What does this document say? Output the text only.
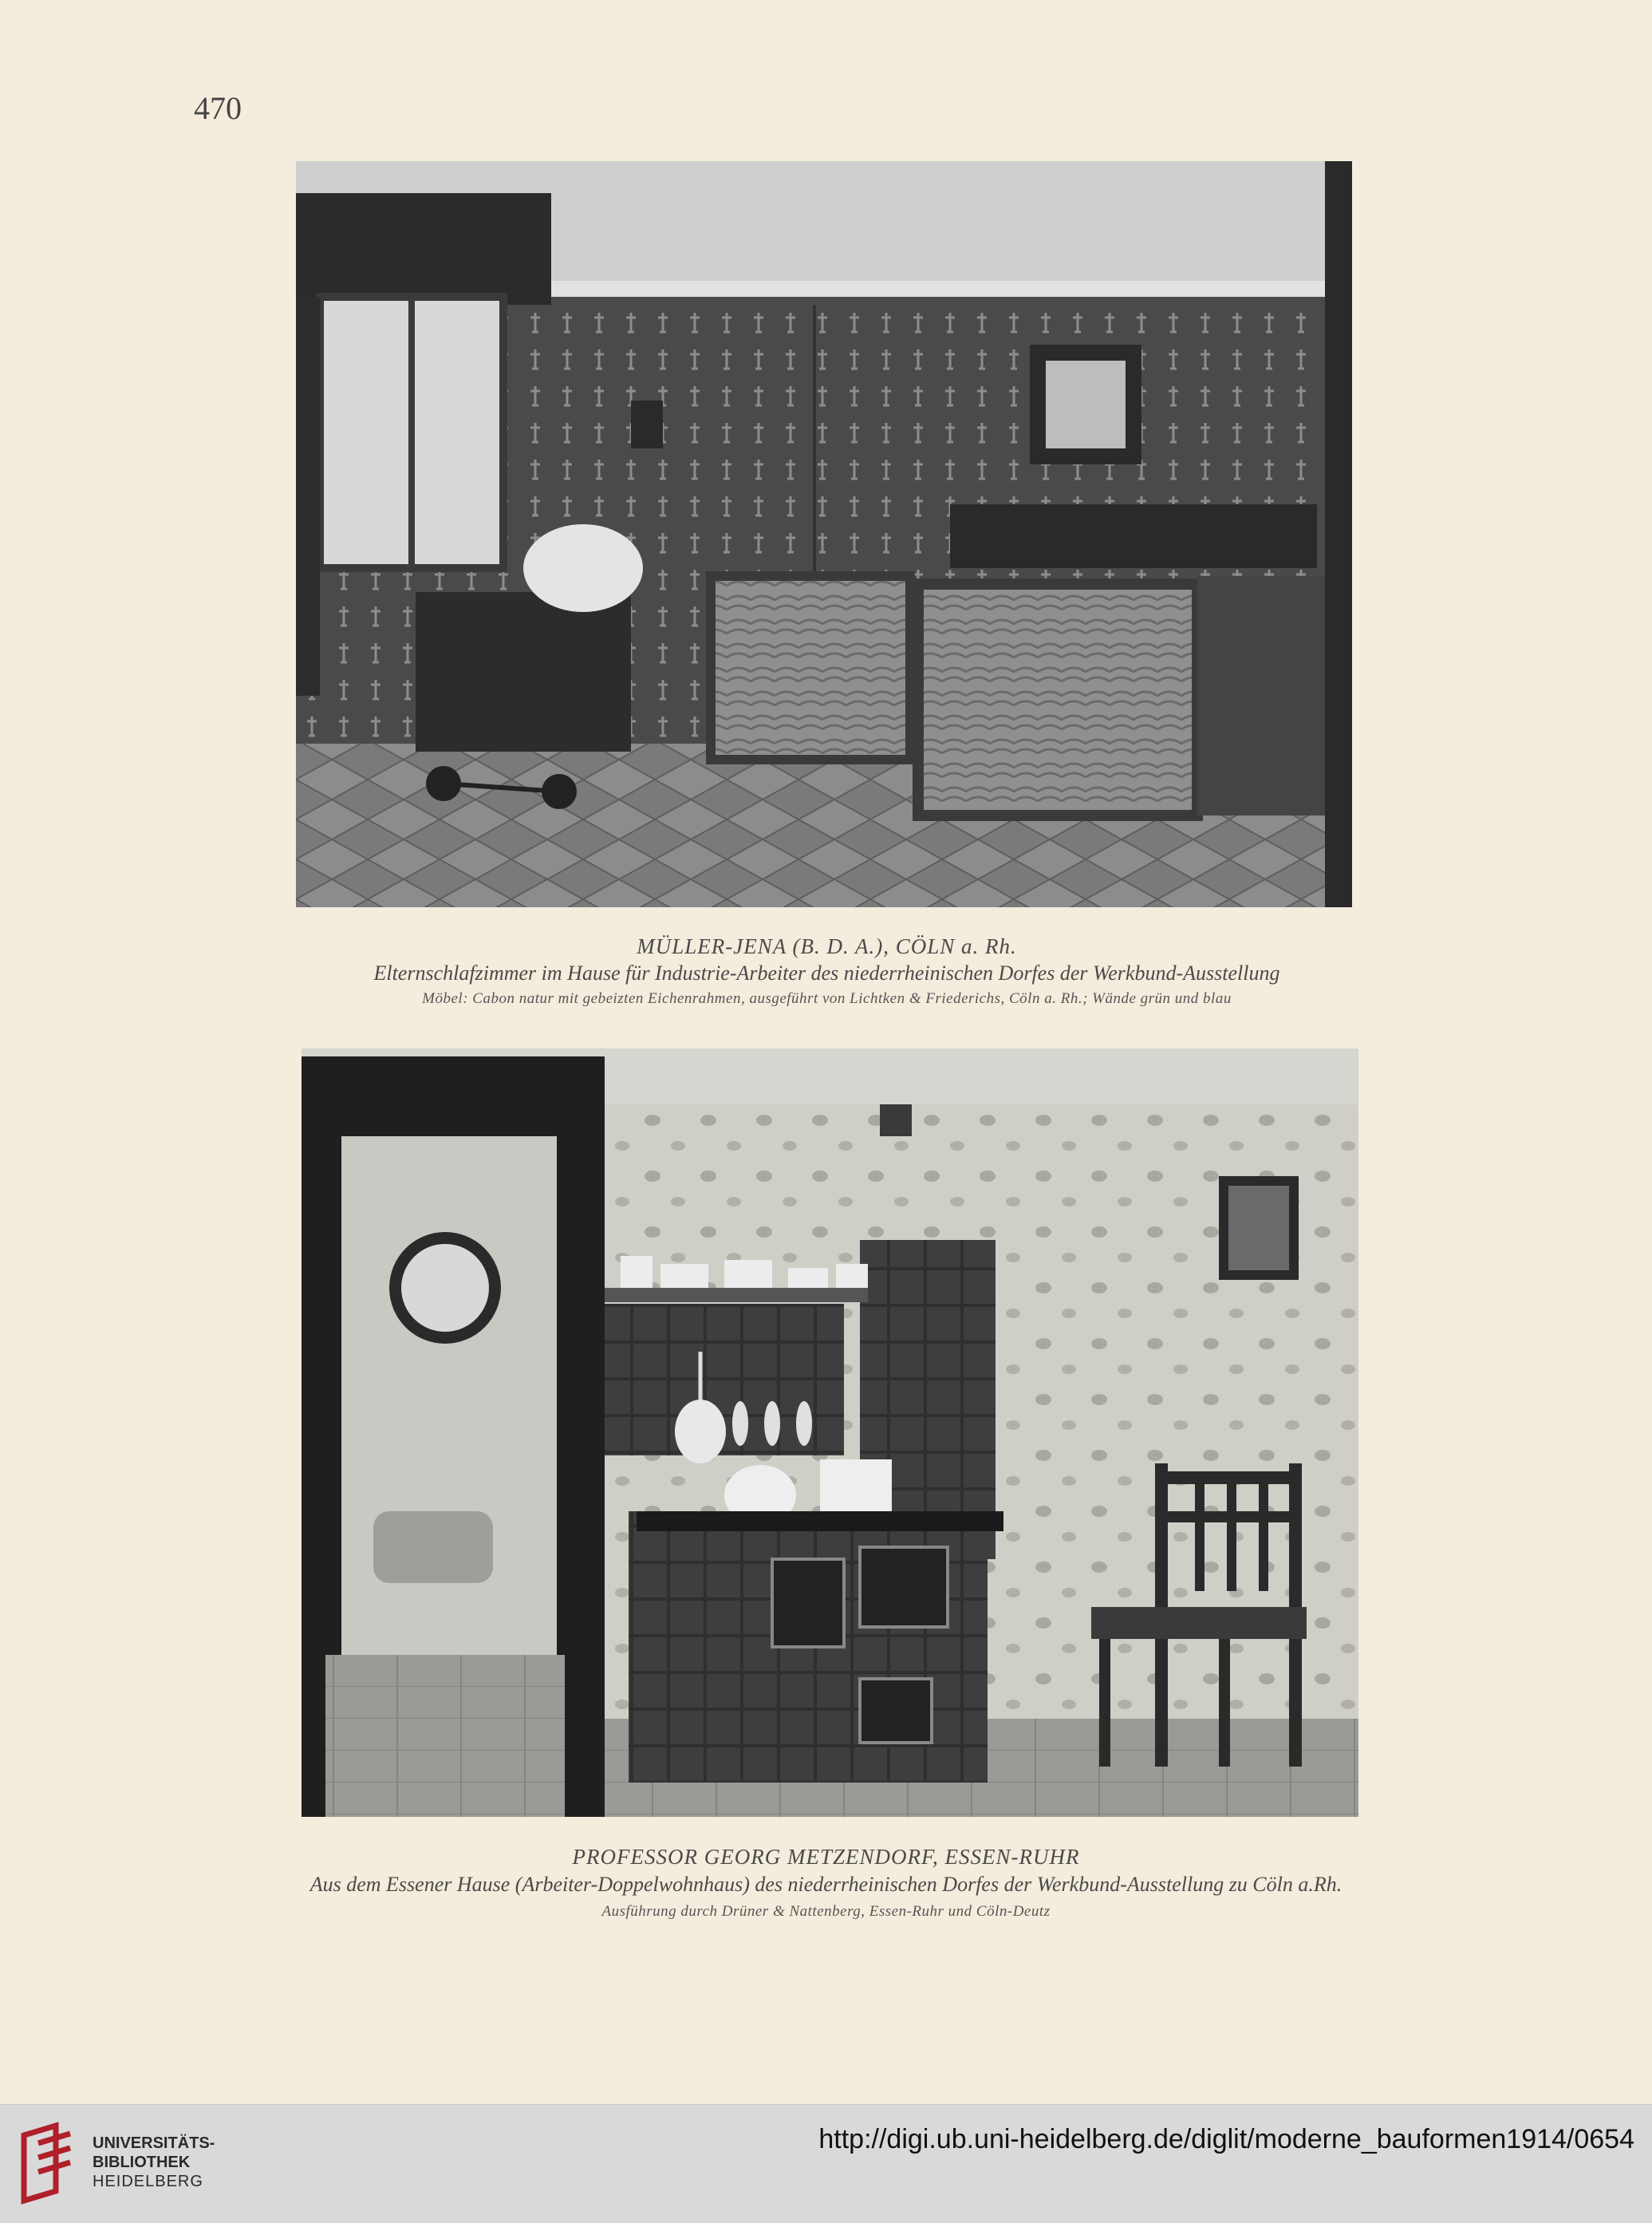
470
MÜLLER-JENA (B. D. A.), CÖLN a. Rh.
Elternschlafzimmer im Hause für Industrie-Arbeiter des niederrheinischen Dorfes der Werkbund-Ausstellung
Möbel: Cabon natur mit gebeizten Eichenrahmen, ausgeführt von Lichtken & Friederichs, Cöln a. Rh.; Wände grün und blau
PROFESSOR GEORG METZENDORF, ESSEN-RUHR
Aus dem Essener Hause (Arbeiter-Doppelwohnhaus) des niederrheinischen Dorfes der Werkbund-Ausstellung zu Cöln a.Rh.
Ausführung durch Drüner & Nattenberg, Essen-Ruhr und Cöln-Deutz
UNIVERSITÄTS-
BIBLIOTHEK
HEIDELBERG
http://digi.ub.uni-heidelberg.de/diglit/moderne_bauformen1914/0654
